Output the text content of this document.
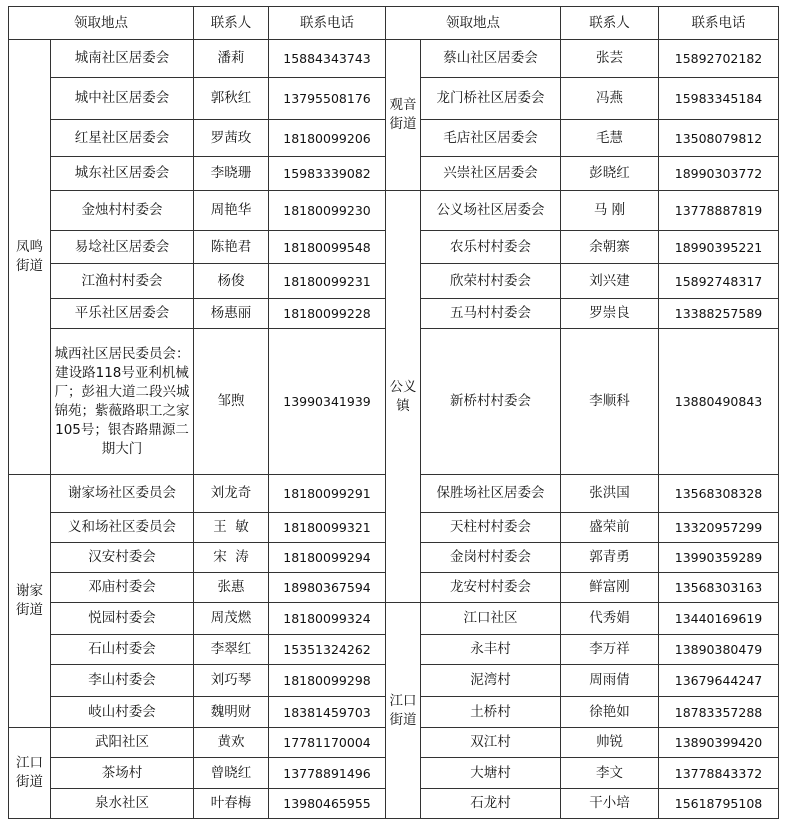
领取地点		联系人	联系电话	领取地点		联系人	联系电话

凤鸣街道	城南社区居委会	潘莉	15884343743	观音街道	蔡山社区居委会	张芸	15892702182
	城中社区居委会	郭秋红	13795508176		龙门桥社区居委会	冯燕	15983345184
	红星社区居委会	罗茜玫	18180099206		毛店社区居委会	毛慧	13508079812
	城东社区居委会	李晓珊	15983339082		兴崇社区居委会	彭晓红	18990303772
	金烛村村委会	周艳华	18180099230	公义镇	公义场社区居委会	马 刚	13778887819
	易埝社区居委会	陈艳君	18180099548		农乐村村委会	余朝寨	18990395221
	江渔村村委会	杨俊	18180099231		欣荣村村委会	刘兴建	15892748317
	平乐社区居委会	杨惠丽	18180099228		五马村村委会	罗崇良	13388257589
	城西社区居民委员会：建设路118号亚利机械厂；彭祖大道二段兴城锦苑；紫薇路职工之家105号；银杏路鼎源二期大门	邹煦	13990341939		新桥村村委会	李顺科	13880490843

谢家街道	谢家场社区委员会	刘龙奇	18180099291		保胜场社区居委会	张洪国	13568308328
	义和场社区委员会	王  敏	18180099321		天柱村村委会	盛荣前	13320957299
	汉安村委会	宋  涛	18180099294		金岗村村委会	郭青勇	13990359289
	邓庙村委会	张惠	18980367594		龙安村村委会	鲜富刚	13568303163
	悦园村委会	周茂燃	18180099324	江口街道	江口社区	代秀娟	13440169619
	石山村委会	李翠红	15351324262		永丰村	李万祥	13890380479
	李山村委会	刘巧琴	18180099298		泥湾村	周雨倩	13679644247
	岐山村委会	魏明财	18381459703		土桥村	徐艳如	18783357288

江口街道	武阳社区	黄欢	17781170004		双江村	帅锐	13890399420
	茶场村	曾晓红	13778891496		大塘村	李文	13778843372
	泉水社区	叶春梅	13980465955		石龙村	干小培	15618795108
